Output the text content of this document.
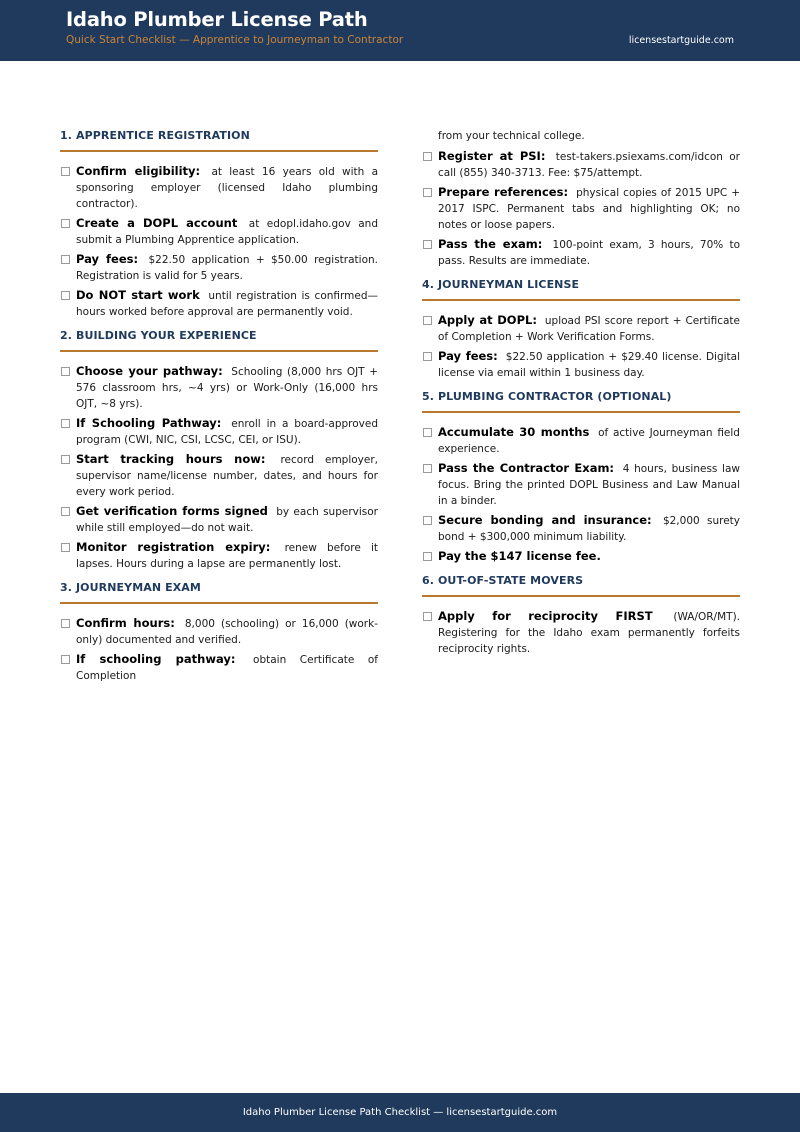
Idaho Plumber License Path
Quick Start Checklist — Apprentice to Journeyman to Contractor	licensestartguide.com
1. APPRENTICE REGISTRATION
Confirm eligibility: at least 16 years old with a sponsoring employer (licensed Idaho plumbing contractor).
Create a DOPL account at edopl.idaho.gov and submit a Plumbing Apprentice application.
Pay fees: $22.50 application + $50.00 registration. Registration is valid for 5 years.
Do NOT start work until registration is confirmed—hours worked before approval are permanently void.
2. BUILDING YOUR EXPERIENCE
Choose your pathway: Schooling (8,000 hrs OJT + 576 classroom hrs, ~4 yrs) or Work-Only (16,000 hrs OJT, ~8 yrs).
If Schooling Pathway: enroll in a board-approved program (CWI, NIC, CSI, LCSC, CEI, or ISU).
Start tracking hours now: record employer, supervisor name/license number, dates, and hours for every work period.
Get verification forms signed by each supervisor while still employed—do not wait.
Monitor registration expiry: renew before it lapses. Hours during a lapse are permanently lost.
3. JOURNEYMAN EXAM
Confirm hours: 8,000 (schooling) or 16,000 (work-only) documented and verified.
If schooling pathway: obtain Certificate of Completion
from your technical college.
Register at PSI: test-takers.psiexams.com/idcon or call (855) 340-3713. Fee: $75/attempt.
Prepare references: physical copies of 2015 UPC + 2017 ISPC. Permanent tabs and highlighting OK; no notes or loose papers.
Pass the exam: 100-point exam, 3 hours, 70% to pass. Results are immediate.
4. JOURNEYMAN LICENSE
Apply at DOPL: upload PSI score report + Certificate of Completion + Work Verification Forms.
Pay fees: $22.50 application + $29.40 license. Digital license via email within 1 business day.
5. PLUMBING CONTRACTOR (OPTIONAL)
Accumulate 30 months of active Journeyman field experience.
Pass the Contractor Exam: 4 hours, business law focus. Bring the printed DOPL Business and Law Manual in a binder.
Secure bonding and insurance: $2,000 surety bond + $300,000 minimum liability.
Pay the $147 license fee.
6. OUT-OF-STATE MOVERS
Apply for reciprocity FIRST (WA/OR/MT). Registering for the Idaho exam permanently forfeits reciprocity rights.
Idaho Plumber License Path Checklist — licensestartguide.com
